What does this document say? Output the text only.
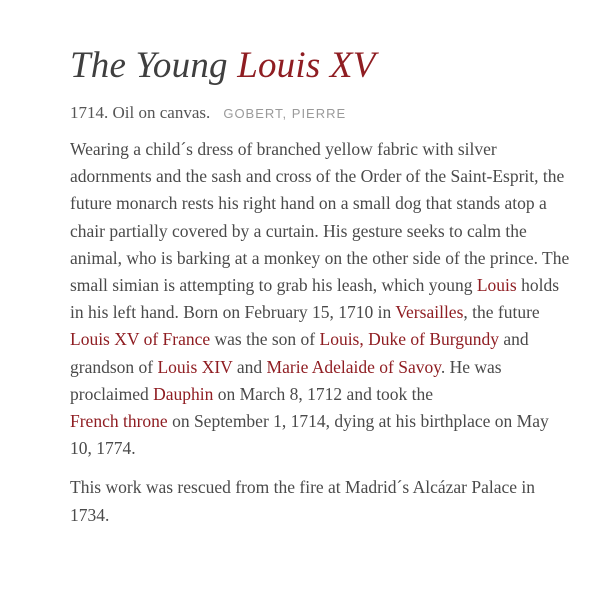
The Young Louis XV
1714. Oil on canvas. GOBERT, PIERRE

Wearing a child´s dress of branched yellow fabric with silver adornments and the sash and cross of the Order of the Saint-Esprit, the future monarch rests his right hand on a small dog that stands atop a chair partially covered by a curtain. His gesture seeks to calm the animal, who is barking at a monkey on the other side of the prince. The small simian is attempting to grab his leash, which young Louis holds in his left hand. Born on February 15, 1710 in Versailles, the future
Louis XV of France was the son of Louis, Duke of Burgundy and grandson of Louis XIV and Marie Adelaide of Savoy. He was proclaimed Dauphin on March 8, 1712 and took the
French throne on September 1, 1714, dying at his birthplace on May 10, 1774.

This work was rescued from the fire at Madrid´s Alcázar Palace in 1734.
